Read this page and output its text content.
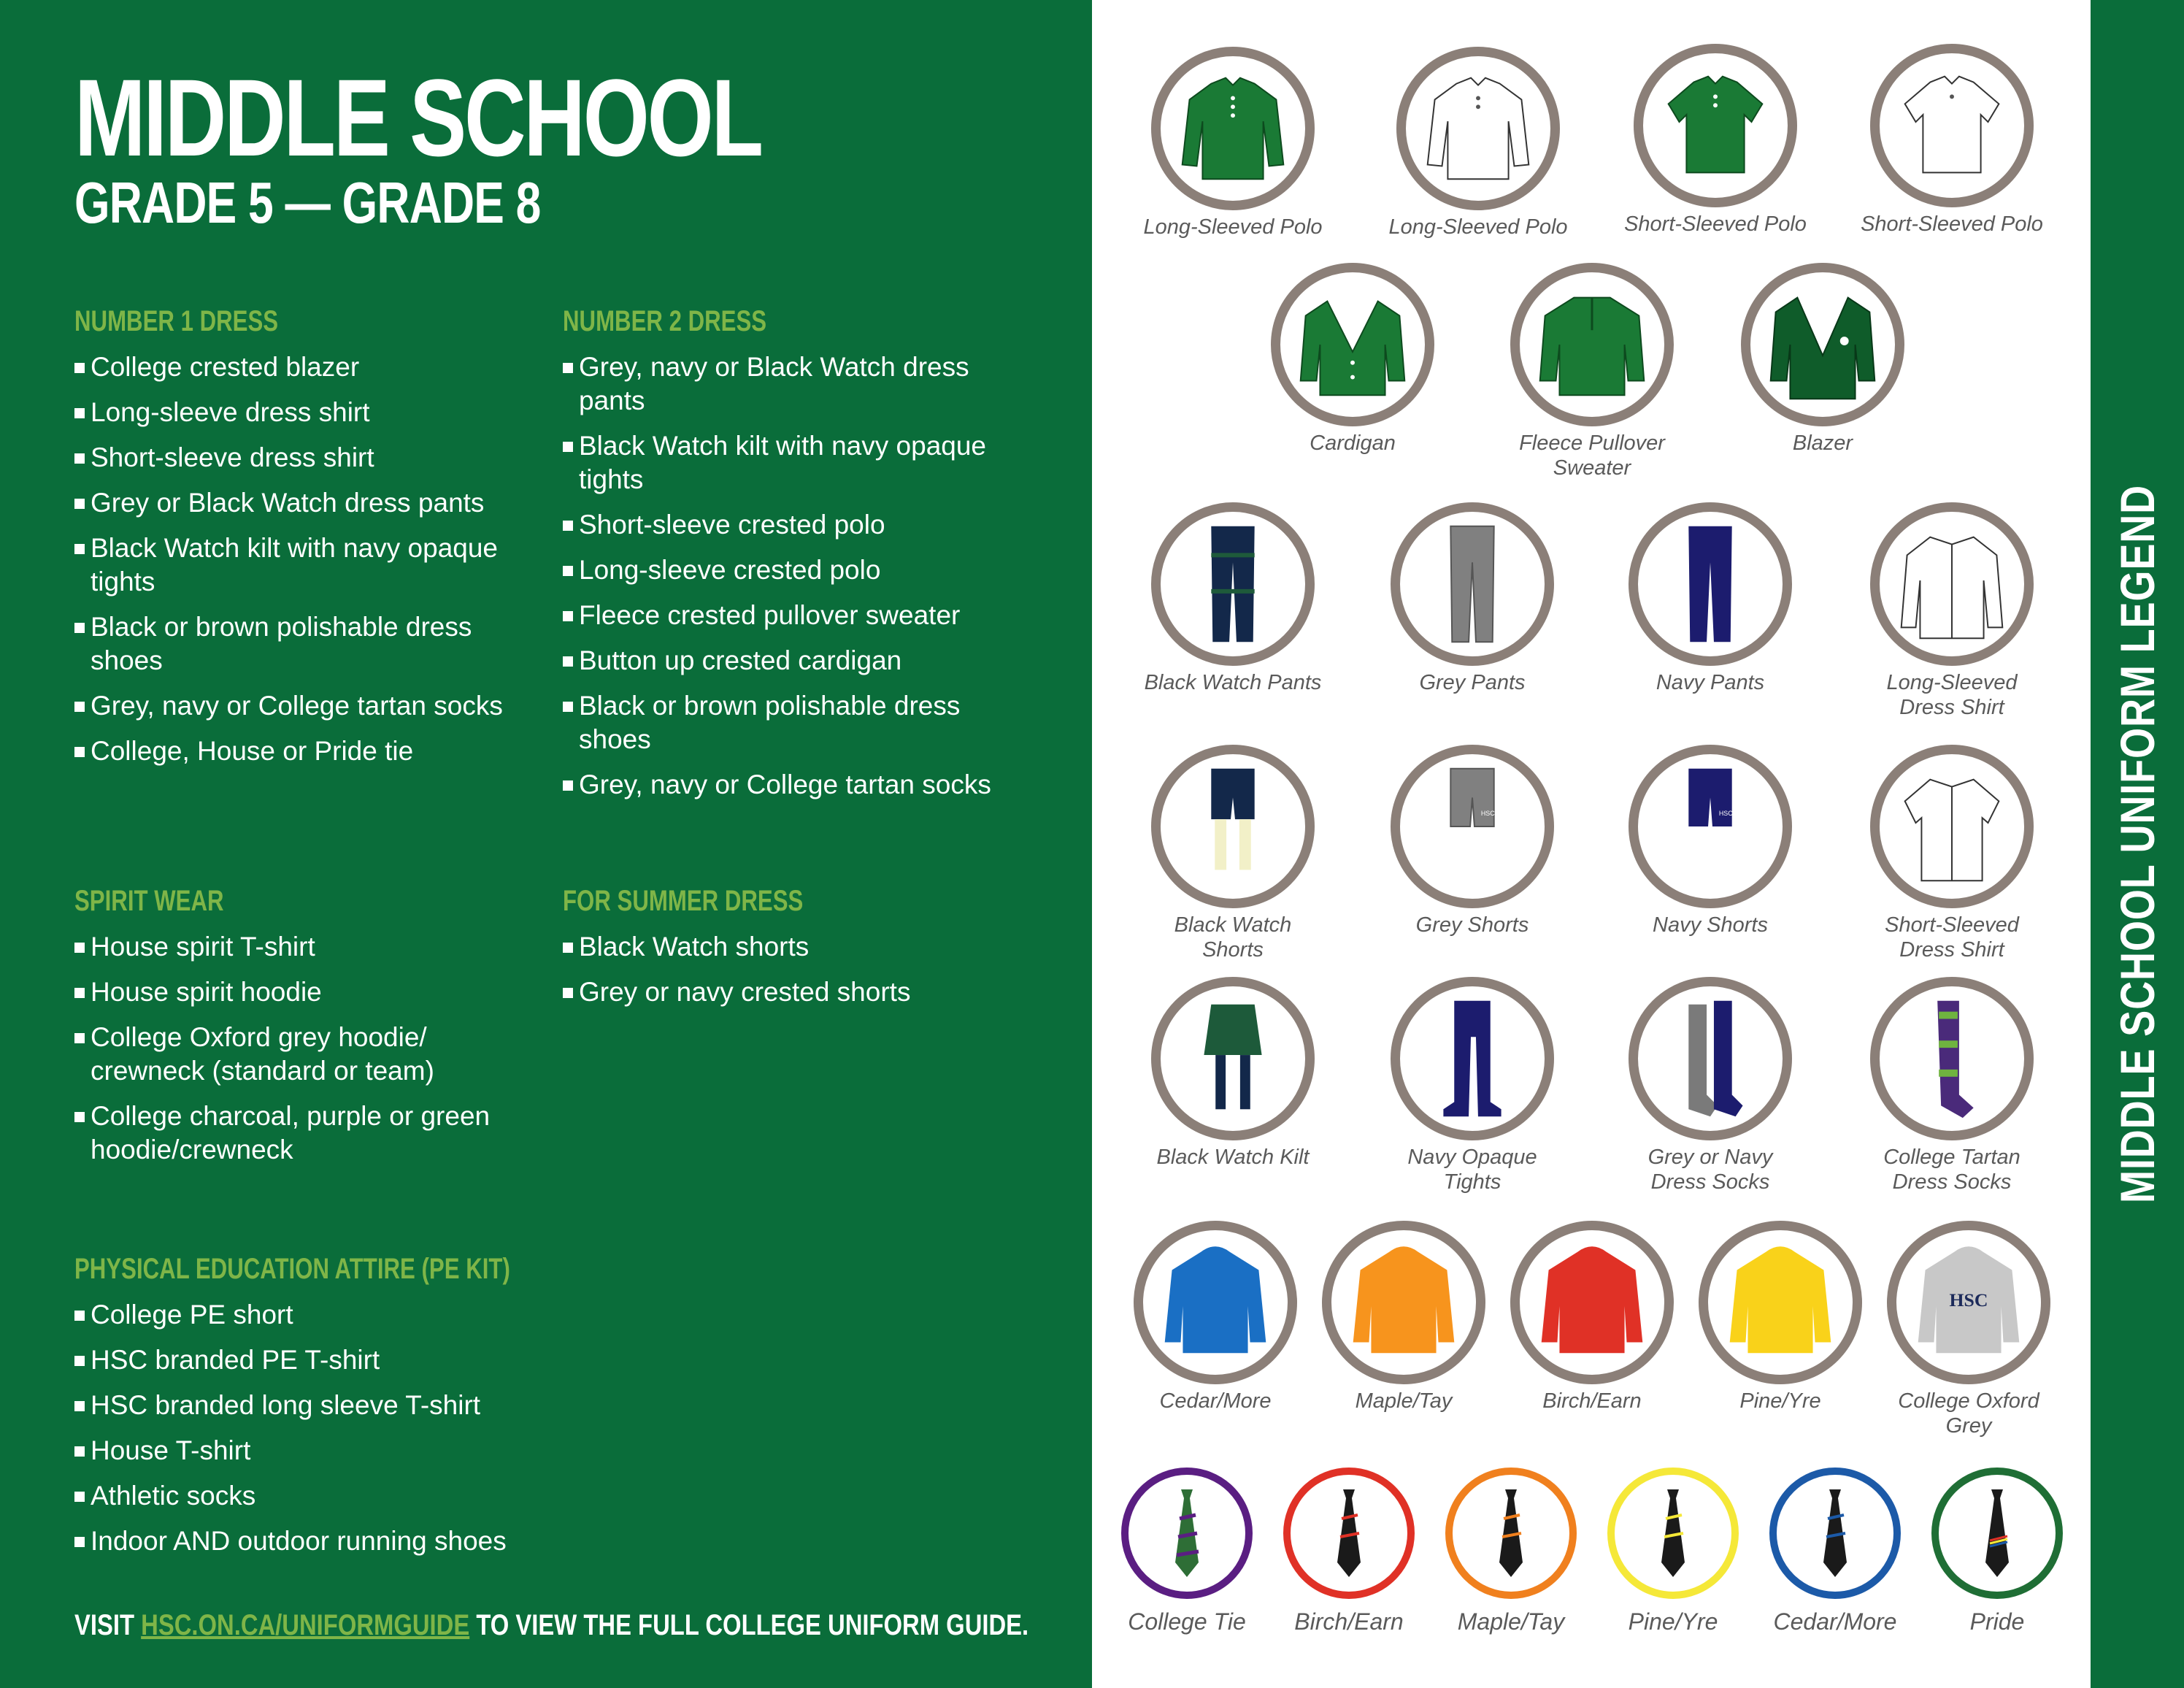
MIDDLE SCHOOL
GRADE 5 — GRADE 8
NUMBER 1 DRESS
College crested blazer
Long-sleeve dress shirt
Short-sleeve dress shirt
Grey or Black Watch dress pants
Black Watch kilt with navy opaque tights
Black or brown polishable dress shoes
Grey, navy or College tartan socks
College, House or Pride tie
NUMBER 2 DRESS
Grey, navy or Black Watch dress pants
Black Watch kilt with navy opaque tights
Short-sleeve crested polo
Long-sleeve crested polo
Fleece crested pullover sweater
Button up crested cardigan
Black or brown polishable dress shoes
Grey, navy or College tartan socks
SPIRIT WEAR
House spirit T-shirt
House spirit hoodie
College Oxford grey hoodie/ crewneck (standard or team)
College charcoal, purple or green hoodie/crewneck
FOR SUMMER DRESS
Black Watch shorts
Grey or navy crested shorts
PHYSICAL EDUCATION ATTIRE (PE KIT)
College PE short
HSC branded PE T-shirt
HSC branded long sleeve T-shirt
House T-shirt
Athletic socks
Indoor AND outdoor running shoes
VISIT HSC.ON.CA/UNIFORMGUIDE TO VIEW THE FULL COLLEGE UNIFORM GUIDE.
Long-Sleeved Polo	Long-Sleeved Polo	Short-Sleeved Polo	Short-Sleeved Polo
Cardigan	Fleece Pullover Sweater
Blazer
Black Watch Pants	Grey Pants	Navy Pants	Long-Sleeved Dress Shirt
Black Watch Shorts
HSC
Grey Shorts
HSC
Navy Shorts	Short-Sleeved Dress Shirt
Black Watch Kilt	Navy Opaque Tights
Grey or Navy Dress Socks
College Tartan Dress Socks
Cedar/More	Maple/Tay	Birch/Earn	Pine/Yre
HSC
College Oxford Grey
College Tie	Birch/Earn	Maple/Tay	Pine/Yre	Cedar/More	Pride
MIDDLE SCHOOL UNIFORM LEGEND
